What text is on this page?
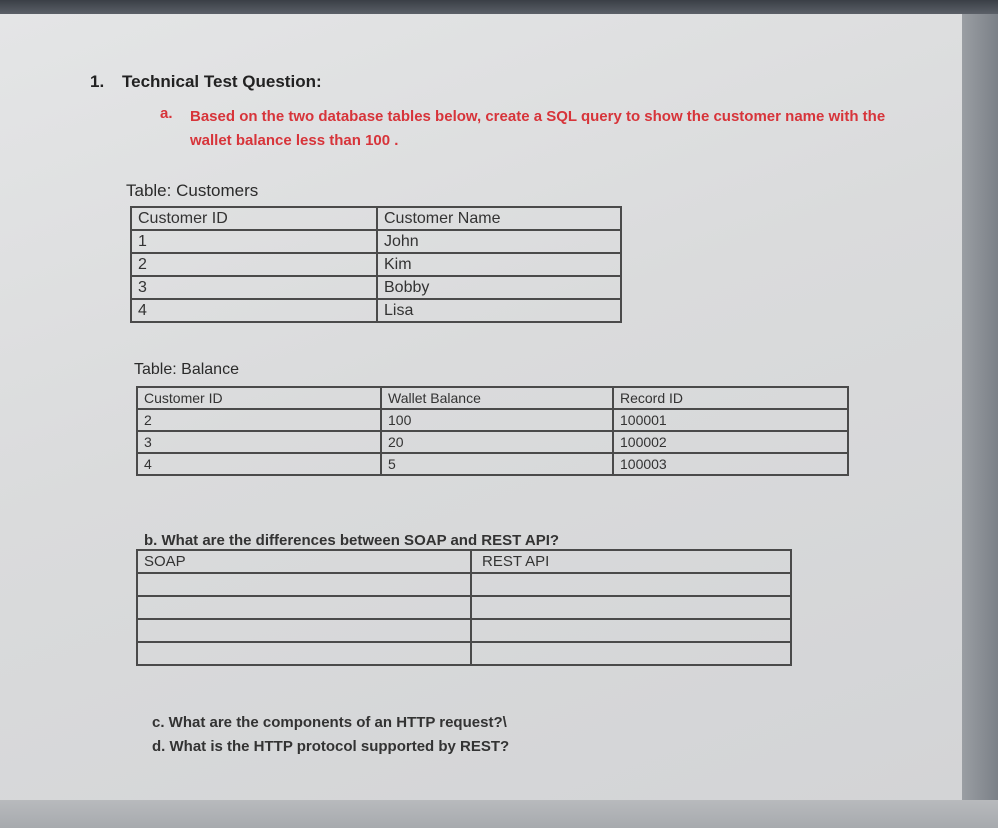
1. Technical Test Question:
a. Based on the two database tables below, create a SQL query to show the customer name with the wallet balance less than 100 .
Table: Customers
Customer ID	Customer Name
1	John
2	Kim
3	Bobby
4	Lisa
Table: Balance
Customer ID	Wallet Balance	Record ID
2	100	100001
3	20	100002
4	5	100003
b. What are the differences between SOAP and REST API?
SOAP	REST API

c. What are the components of an HTTP request?\
d. What is the HTTP protocol supported by REST?
